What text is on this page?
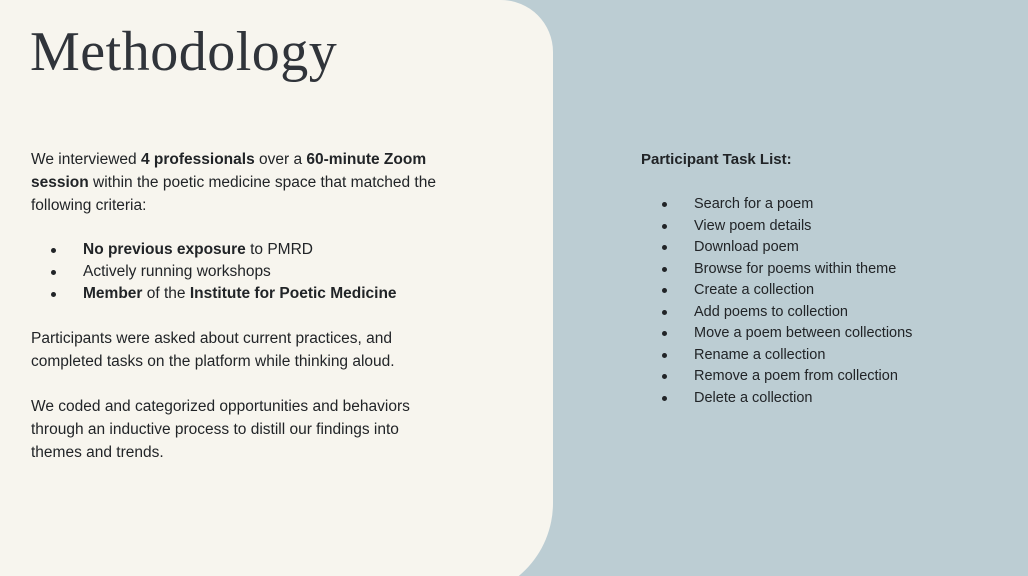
Methodology

We interviewed 4 professionals over a 60-minute Zoom session within the poetic medicine space that matched the following criteria:

No previous exposure to PMRD
Actively running workshops
Member of the Institute for Poetic Medicine

Participants were asked about current practices, and completed tasks on the platform while thinking aloud.

We coded and categorized opportunities and behaviors through an inductive process to distill our findings into themes and trends.

Participant Task List:
Search for a poem
View poem details
Download poem
Browse for poems within theme
Create a collection
Add poems to collection
Move a poem between collections
Rename a collection
Remove a poem from collection
Delete a collection
